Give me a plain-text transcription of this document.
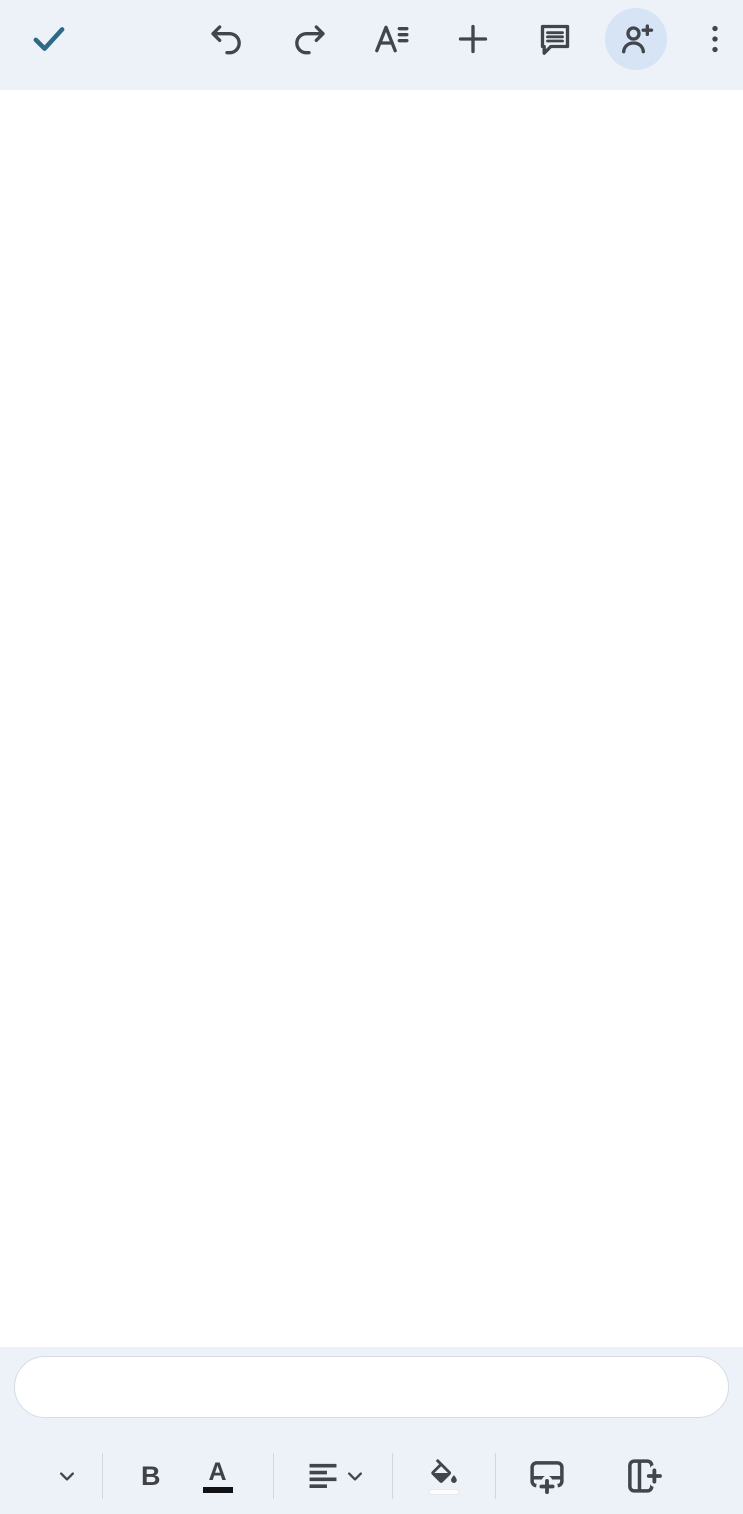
B A
